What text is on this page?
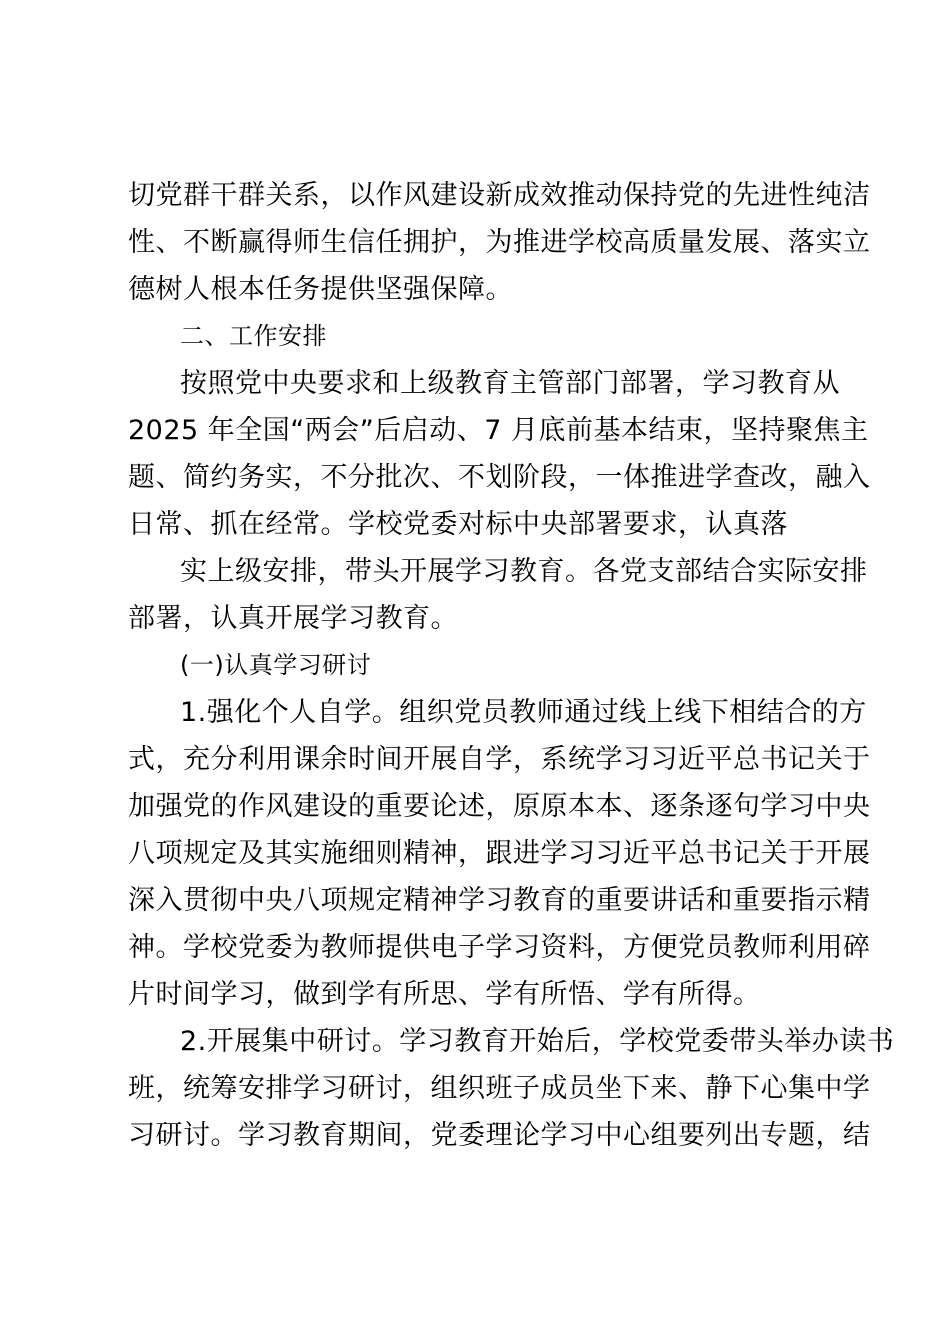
切党群干群关系，以作风建设新成效推动保持党的先进性纯洁
性、不断赢得师生信任拥护，为推进学校高质量发展、落实立
德树人根本任务提供坚强保障。
二、工作安排
按照党中央要求和上级教育主管部门部署，学习教育从
2025 年全国“两会”后启动、7 月底前基本结束，坚持聚焦主
题、简约务实，不分批次、不划阶段，一体推进学查改，融入
日常、抓在经常。学校党委对标中央部署要求，认真落
实上级安排，带头开展学习教育。各党支部结合实际安排
部署，认真开展学习教育。
(一)认真学习研讨
1.强化个人自学。组织党员教师通过线上线下相结合的方
式，充分利用课余时间开展自学，系统学习习近平总书记关于
加强党的作风建设的重要论述，原原本本、逐条逐句学习中央
八项规定及其实施细则精神，跟进学习习近平总书记关于开展
深入贯彻中央八项规定精神学习教育的重要讲话和重要指示精
神。学校党委为教师提供电子学习资料，方便党员教师利用碎
片时间学习，做到学有所思、学有所悟、学有所得。
2.开展集中研讨。学习教育开始后，学校党委带头举办读书
班，统筹安排学习研讨，组织班子成员坐下来、静下心集中学
习研讨。学习教育期间，党委理论学习中心组要列出专题，结
